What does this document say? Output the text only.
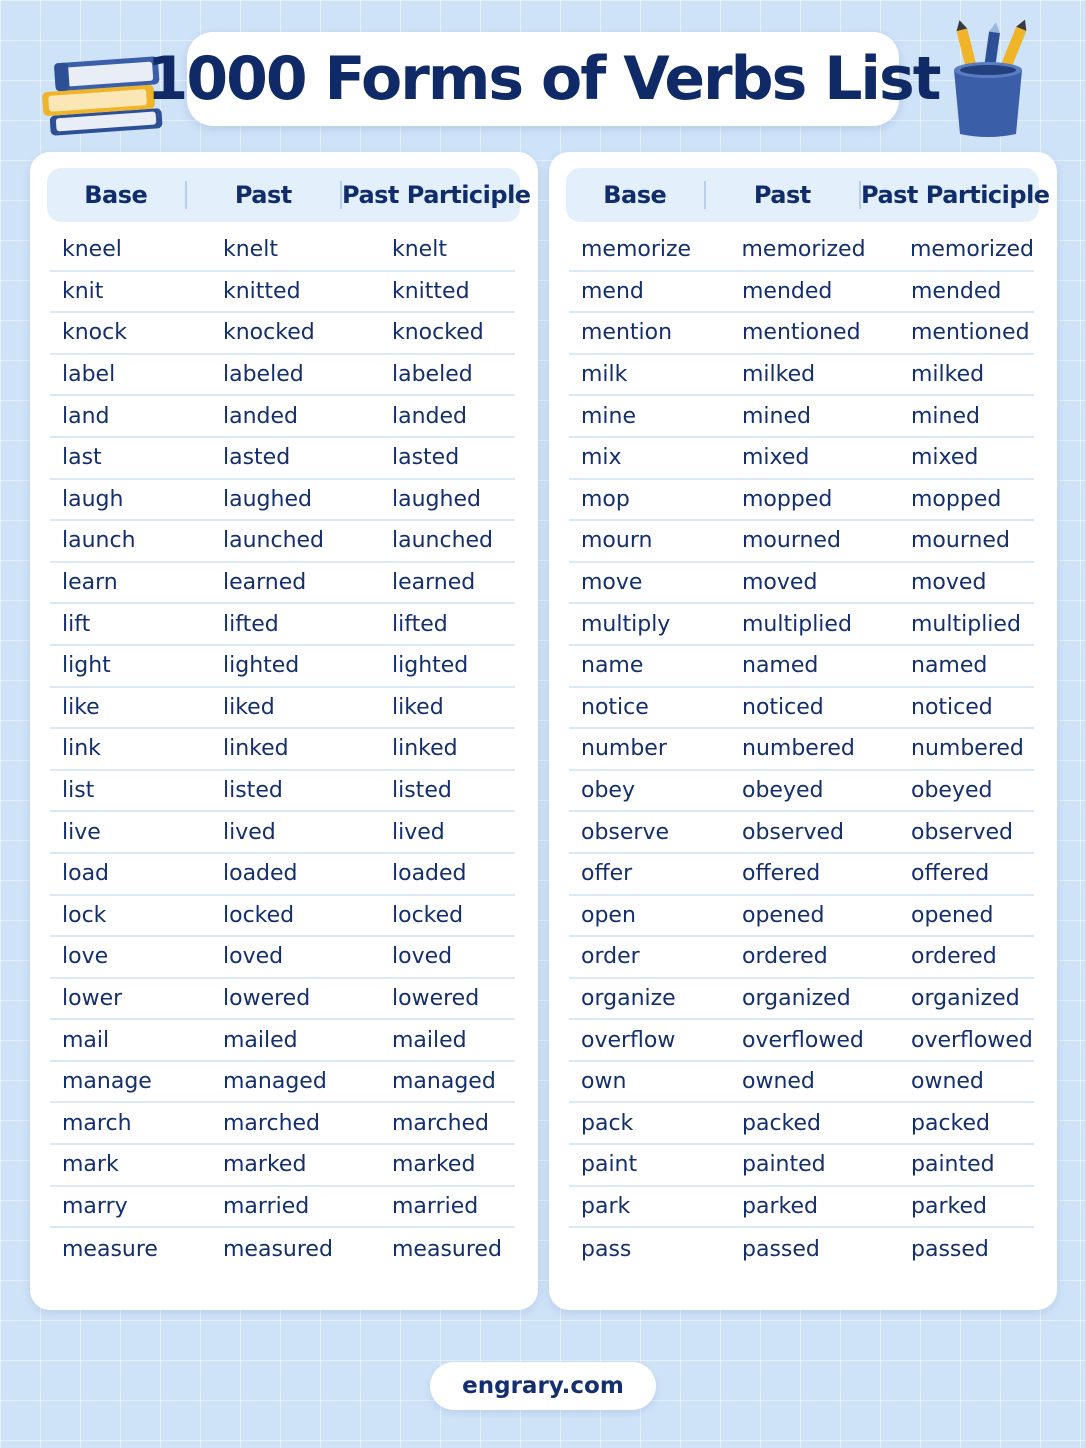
1000 Forms of Verbs List
Base	Past	Past Participle
kneel	knelt	knelt
knit	knitted	knitted
knock	knocked	knocked
label	labeled	labeled
land	landed	landed
last	lasted	lasted
laugh	laughed	laughed
launch	launched	launched
learn	learned	learned
lift	lifted	lifted
light	lighted	lighted
like	liked	liked
link	linked	linked
list	listed	listed
live	lived	lived
load	loaded	loaded
lock	locked	locked
love	loved	loved
lower	lowered	lowered
mail	mailed	mailed
manage	managed	managed
march	marched	marched
mark	marked	marked
marry	married	married
measure	measured	measured
Base	Past	Past Participle
memorize	memorized	memorized
mend	mended	mended
mention	mentioned	mentioned
milk	milked	milked
mine	mined	mined
mix	mixed	mixed
mop	mopped	mopped
mourn	mourned	mourned
move	moved	moved
multiply	multiplied	multiplied
name	named	named
notice	noticed	noticed
number	numbered	numbered
obey	obeyed	obeyed
observe	observed	observed
offer	offered	offered
open	opened	opened
order	ordered	ordered
organize	organized	organized
overflow	overflowed	overflowed
own	owned	owned
pack	packed	packed
paint	painted	painted
park	parked	parked
pass	passed	passed
engrary.com
